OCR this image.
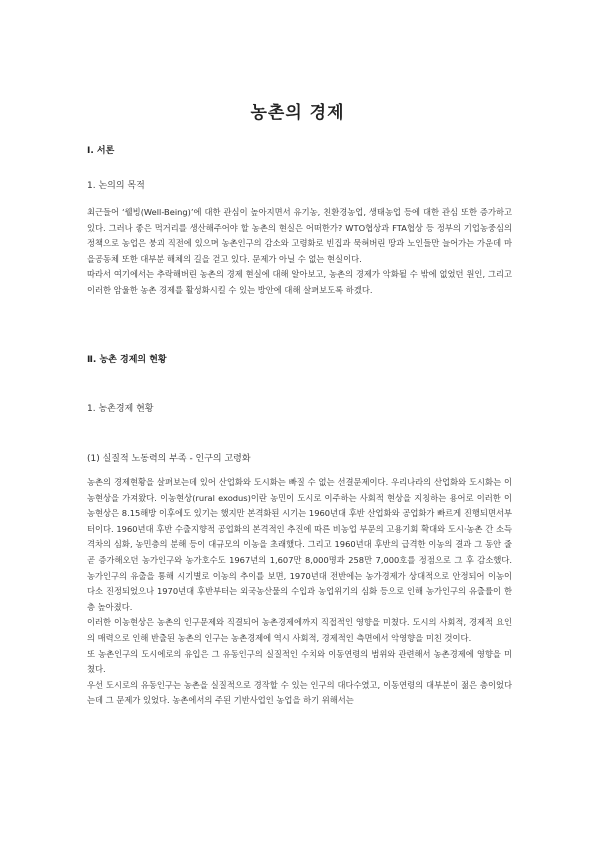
농촌의 경제
Ⅰ. 서론
1. 논의의 목적

최근들어 ‘웰빙(Well-Being)’에 대한 관심이 높아지면서 유기농, 친환경농업, 생태농업 등에 대한 관심 또한 증가하고 있다. 그러나 좋은 먹거리를 생산해주어야 할 농촌의 현실은 어떠한가? WTO협상과 FTA협상 등 정부의 기업농중심의 정책으로 농업은 붕괴 직전에 있으며 농촌인구의 감소와 고령화로 빈집과 묵혀버린 땅과 노인들만 늘어가는 가운데 마을공동체 또한 대부분 해체의 길을 걷고 있다. 문제가 아닐 수 없는 현실이다.

따라서 여기에서는 추락해버린 농촌의 경제 현실에 대해 알아보고, 농촌의 경제가 악화될 수 밖에 없었던 원인, 그리고 이러한 암울한 농촌 경제를 활성화시킬 수 있는 방안에 대해 살펴보도록 하겠다.

Ⅱ. 농촌 경제의 현황
1. 농촌경제 현황
(1) 실질적 노동력의 부족 - 인구의 고령화

농촌의 경제현황을 살펴보는데 있어 산업화와 도시화는 빠질 수 없는 선결문제이다. 우리나라의 산업화와 도시화는 이농현상을 가져왔다. 이농현상(rural exodus)이란 농민이 도시로 이주하는 사회적 현상을 지칭하는 용어로 이러한 이농현상은 8.15해방 이후에도 있기는 했지만 본격화된 시기는 1960년대 후반 산업화와 공업화가 빠르게 진행되면서부터이다. 1960년대 후반 수출지향적 공업화의 본격적인 추진에 따른 비농업 부문의 고용기회 확대와 도시·농촌 간 소득격차의 심화, 농민층의 분해 등이 대규모의 이농을 초래했다. 그리고 1960년대 후반의 급격한 이농의 결과 그 동안 줄곧 증가해오던 농가인구와 농가호수도 1967년의 1,607만 8,000명과 258만 7,000호를 정점으로 그 후 감소했다. 농가인구의 유출을 통해 시기별로 이농의 추이를 보면, 1970년대 전반에는 농가경제가 상대적으로 안정되어 이농이 다소 진정되었으나 1970년대 후반부터는 외국농산물의 수입과 농업위기의 심화 등으로 인해 농가인구의 유출률이 한층 높아졌다.

이러한 이농현상은 농촌의 인구문제와 직결되어 농촌경제에까지 직접적인 영향을 미쳤다. 도시의 사회적, 경제적 요인의 매력으로 인해 반출된 농촌의 인구는 농촌경제에 역시 사회적, 경제적인 측면에서 악영향을 미친 것이다.

또 농촌인구의 도시에로의 유입은 그 유동인구의 실질적인 수치와 이동연령의 범위와 관련해서 농촌경제에 영향을 미쳤다.

우선 도시로의 유동인구는 농촌을 실질적으로 경작할 수 있는 인구의 대다수였고, 이동연령의 대부분이 젊은 층이었다는데 그 문제가 있었다. 농촌에서의 주된 기반사업인 농업을 하기 위해서는
